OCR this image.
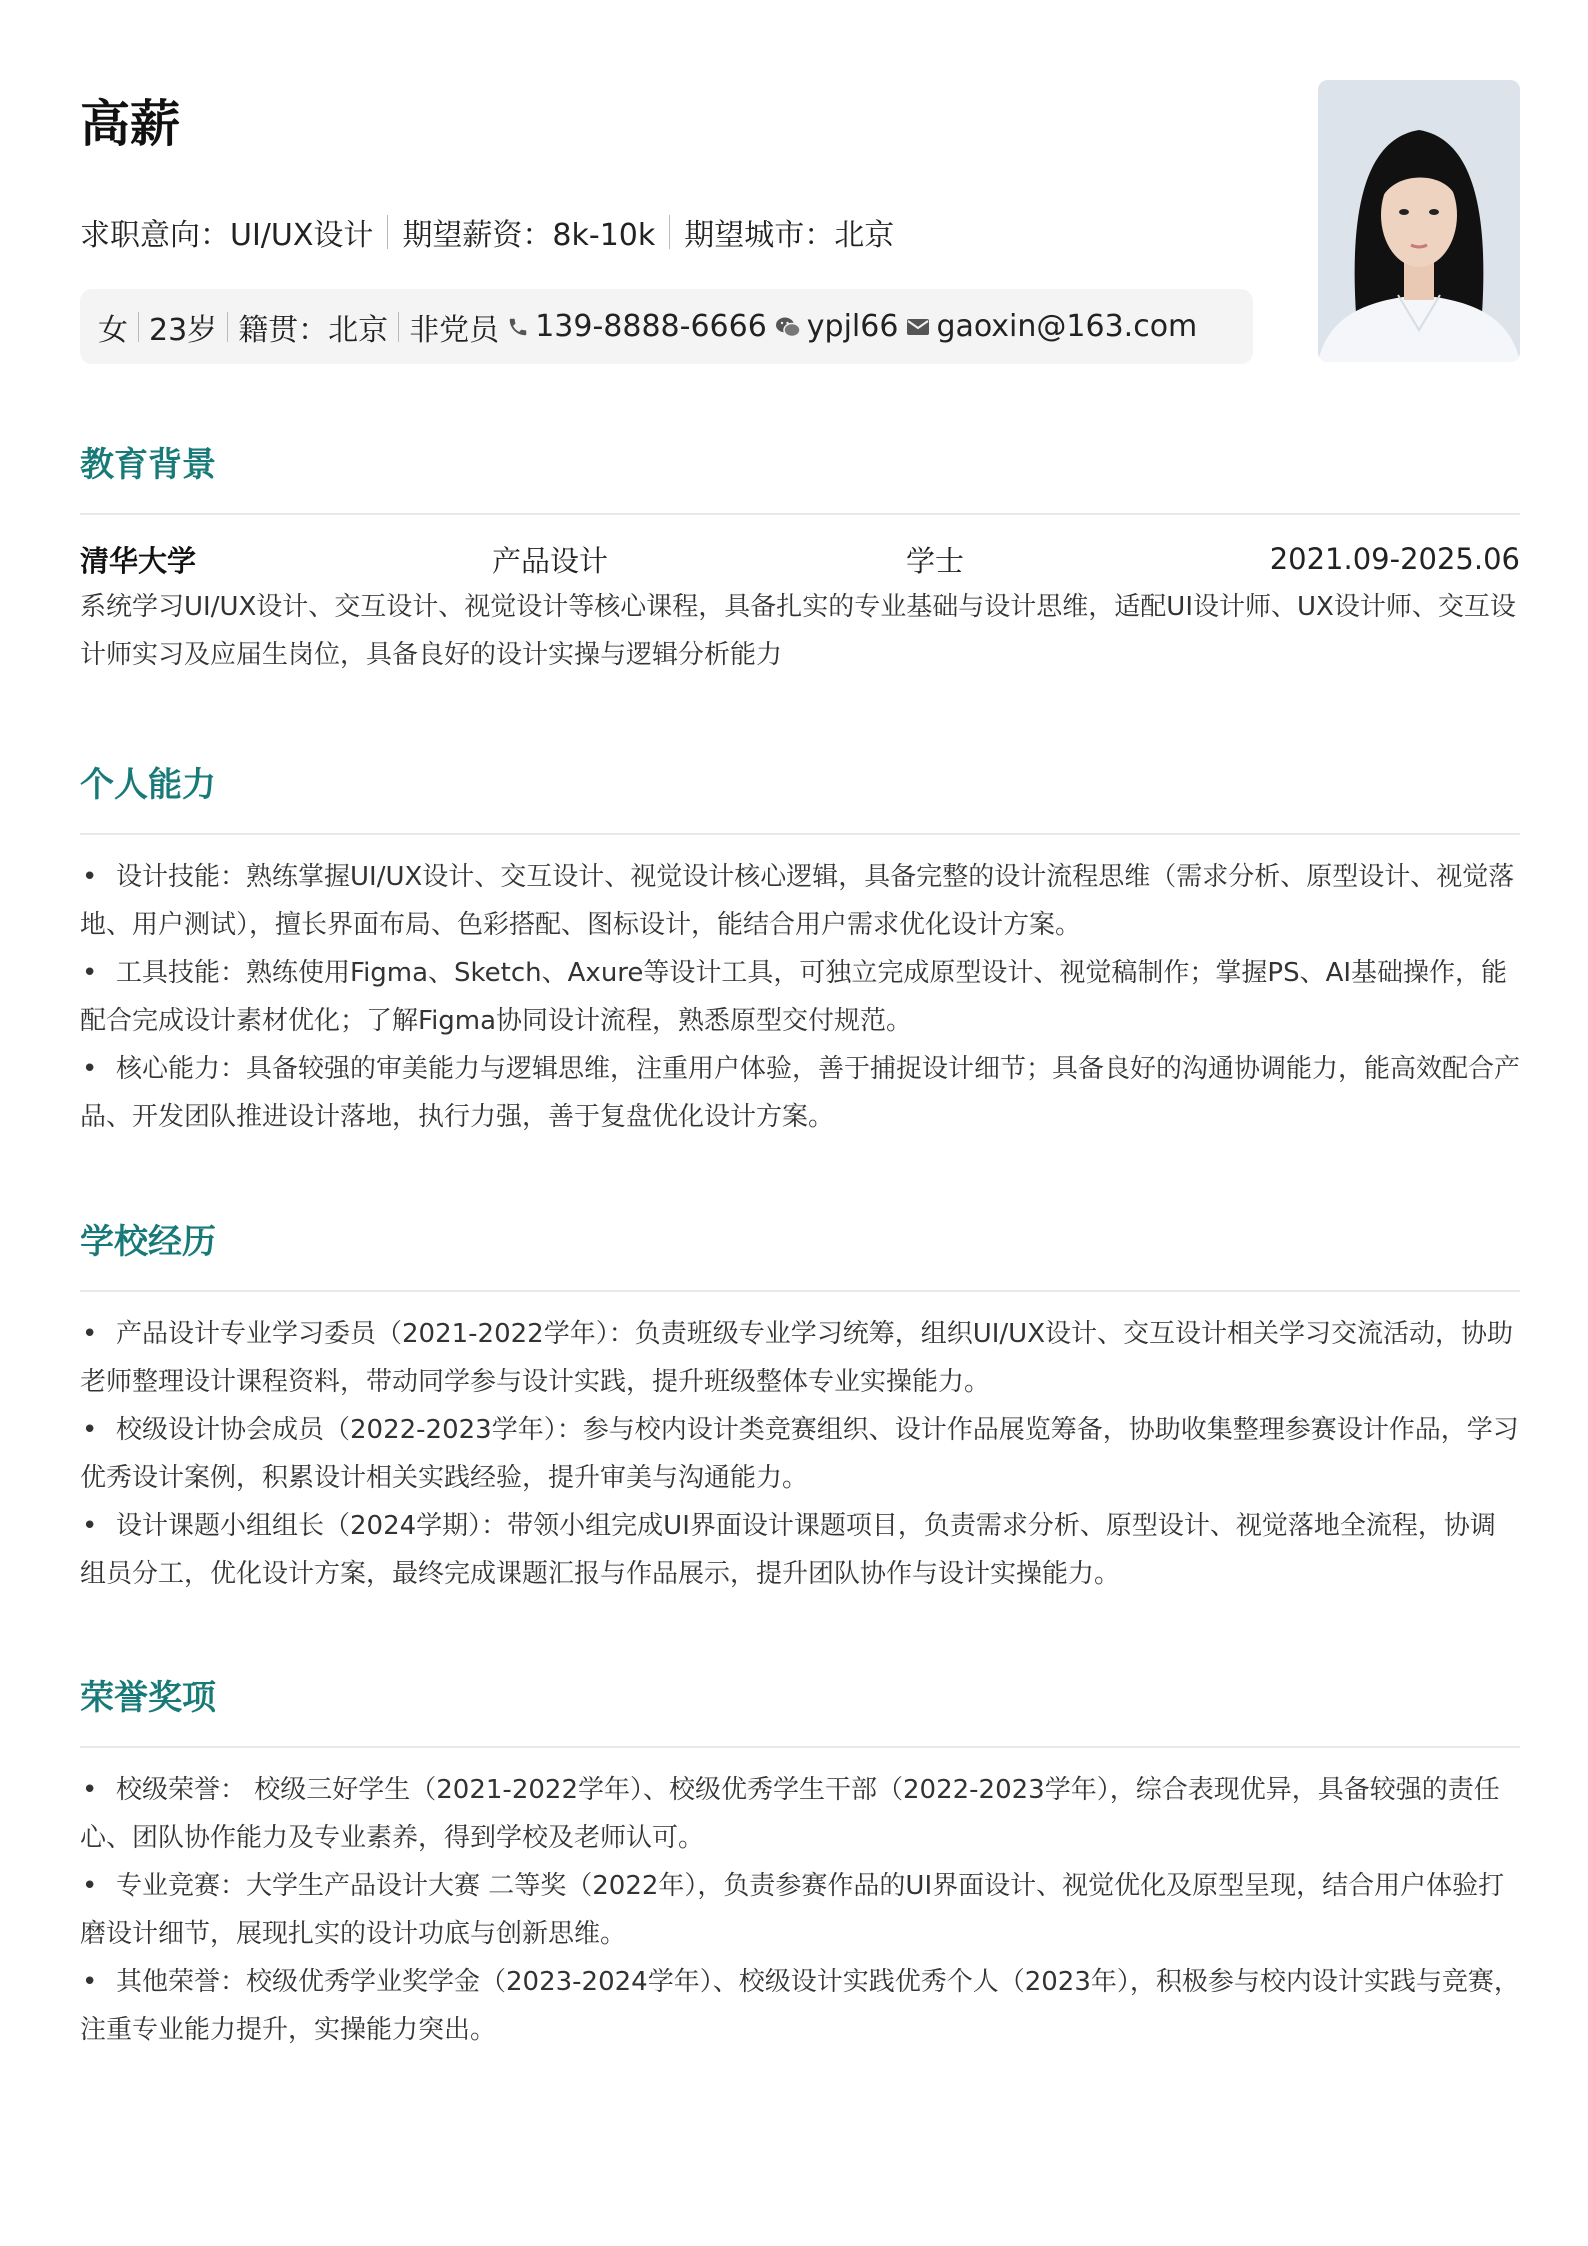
高薪
求职意向：UI/UX设计 期望薪资：8k-10k 期望城市：北京
女 23岁 籍贯：北京 非党员 139-8888-6666 ypjl66 gaoxin@163.com
教育背景
清华大学	产品设计	学士	2021.09-2025.06

系统学习UI/UX设计、交互设计、视觉设计等核心课程，具备扎实的专业基础与设计思维，适配UI设计师、UX设计师、交互设计师实习及应届生岗位，具备良好的设计实操与逻辑分析能力

个人能力
•设计技能：熟练掌握UI/UX设计、交互设计、视觉设计核心逻辑，具备完整的设计流程思维（需求分析、原型设计、视觉落地、用户测试），擅长界面布局、色彩搭配、图标设计，能结合用户需求优化设计方案。
•工具技能：熟练使用Figma、Sketch、Axure等设计工具，可独立完成原型设计、视觉稿制作；掌握PS、AI基础操作，能配合完成设计素材优化；了解Figma协同设计流程，熟悉原型交付规范。
•核心能力：具备较强的审美能力与逻辑思维，注重用户体验，善于捕捉设计细节；具备良好的沟通协调能力，能高效配合产品、开发团队推进设计落地，执行力强，善于复盘优化设计方案。
学校经历
•产品设计专业学习委员（2021-2022学年）：负责班级专业学习统筹，组织UI/UX设计、交互设计相关学习交流活动，协助老师整理设计课程资料，带动同学参与设计实践，提升班级整体专业实操能力。
•校级设计协会成员（2022-2023学年）：参与校内设计类竞赛组织、设计作品展览筹备，协助收集整理参赛设计作品，学习优秀设计案例，积累设计相关实践经验，提升审美与沟通能力。
•设计课题小组组长（2024学期）：带领小组完成UI界面设计课题项目，负责需求分析、原型设计、视觉落地全流程，协调组员分工，优化设计方案，最终完成课题汇报与作品展示，提升团队协作与设计实操能力。
荣誉奖项
•校级荣誉： 校级三好学生（2021-2022学年）、校级优秀学生干部（2022-2023学年），综合表现优异，具备较强的责任心、团队协作能力及专业素养，得到学校及老师认可。
•专业竞赛：大学生产品设计大赛 二等奖（2022年），负责参赛作品的UI界面设计、视觉优化及原型呈现，结合用户体验打磨设计细节，展现扎实的设计功底与创新思维。
•其他荣誉：校级优秀学业奖学金（2023-2024学年）、校级设计实践优秀个人（2023年），积极参与校内设计实践与竞赛，注重专业能力提升，实操能力突出。
